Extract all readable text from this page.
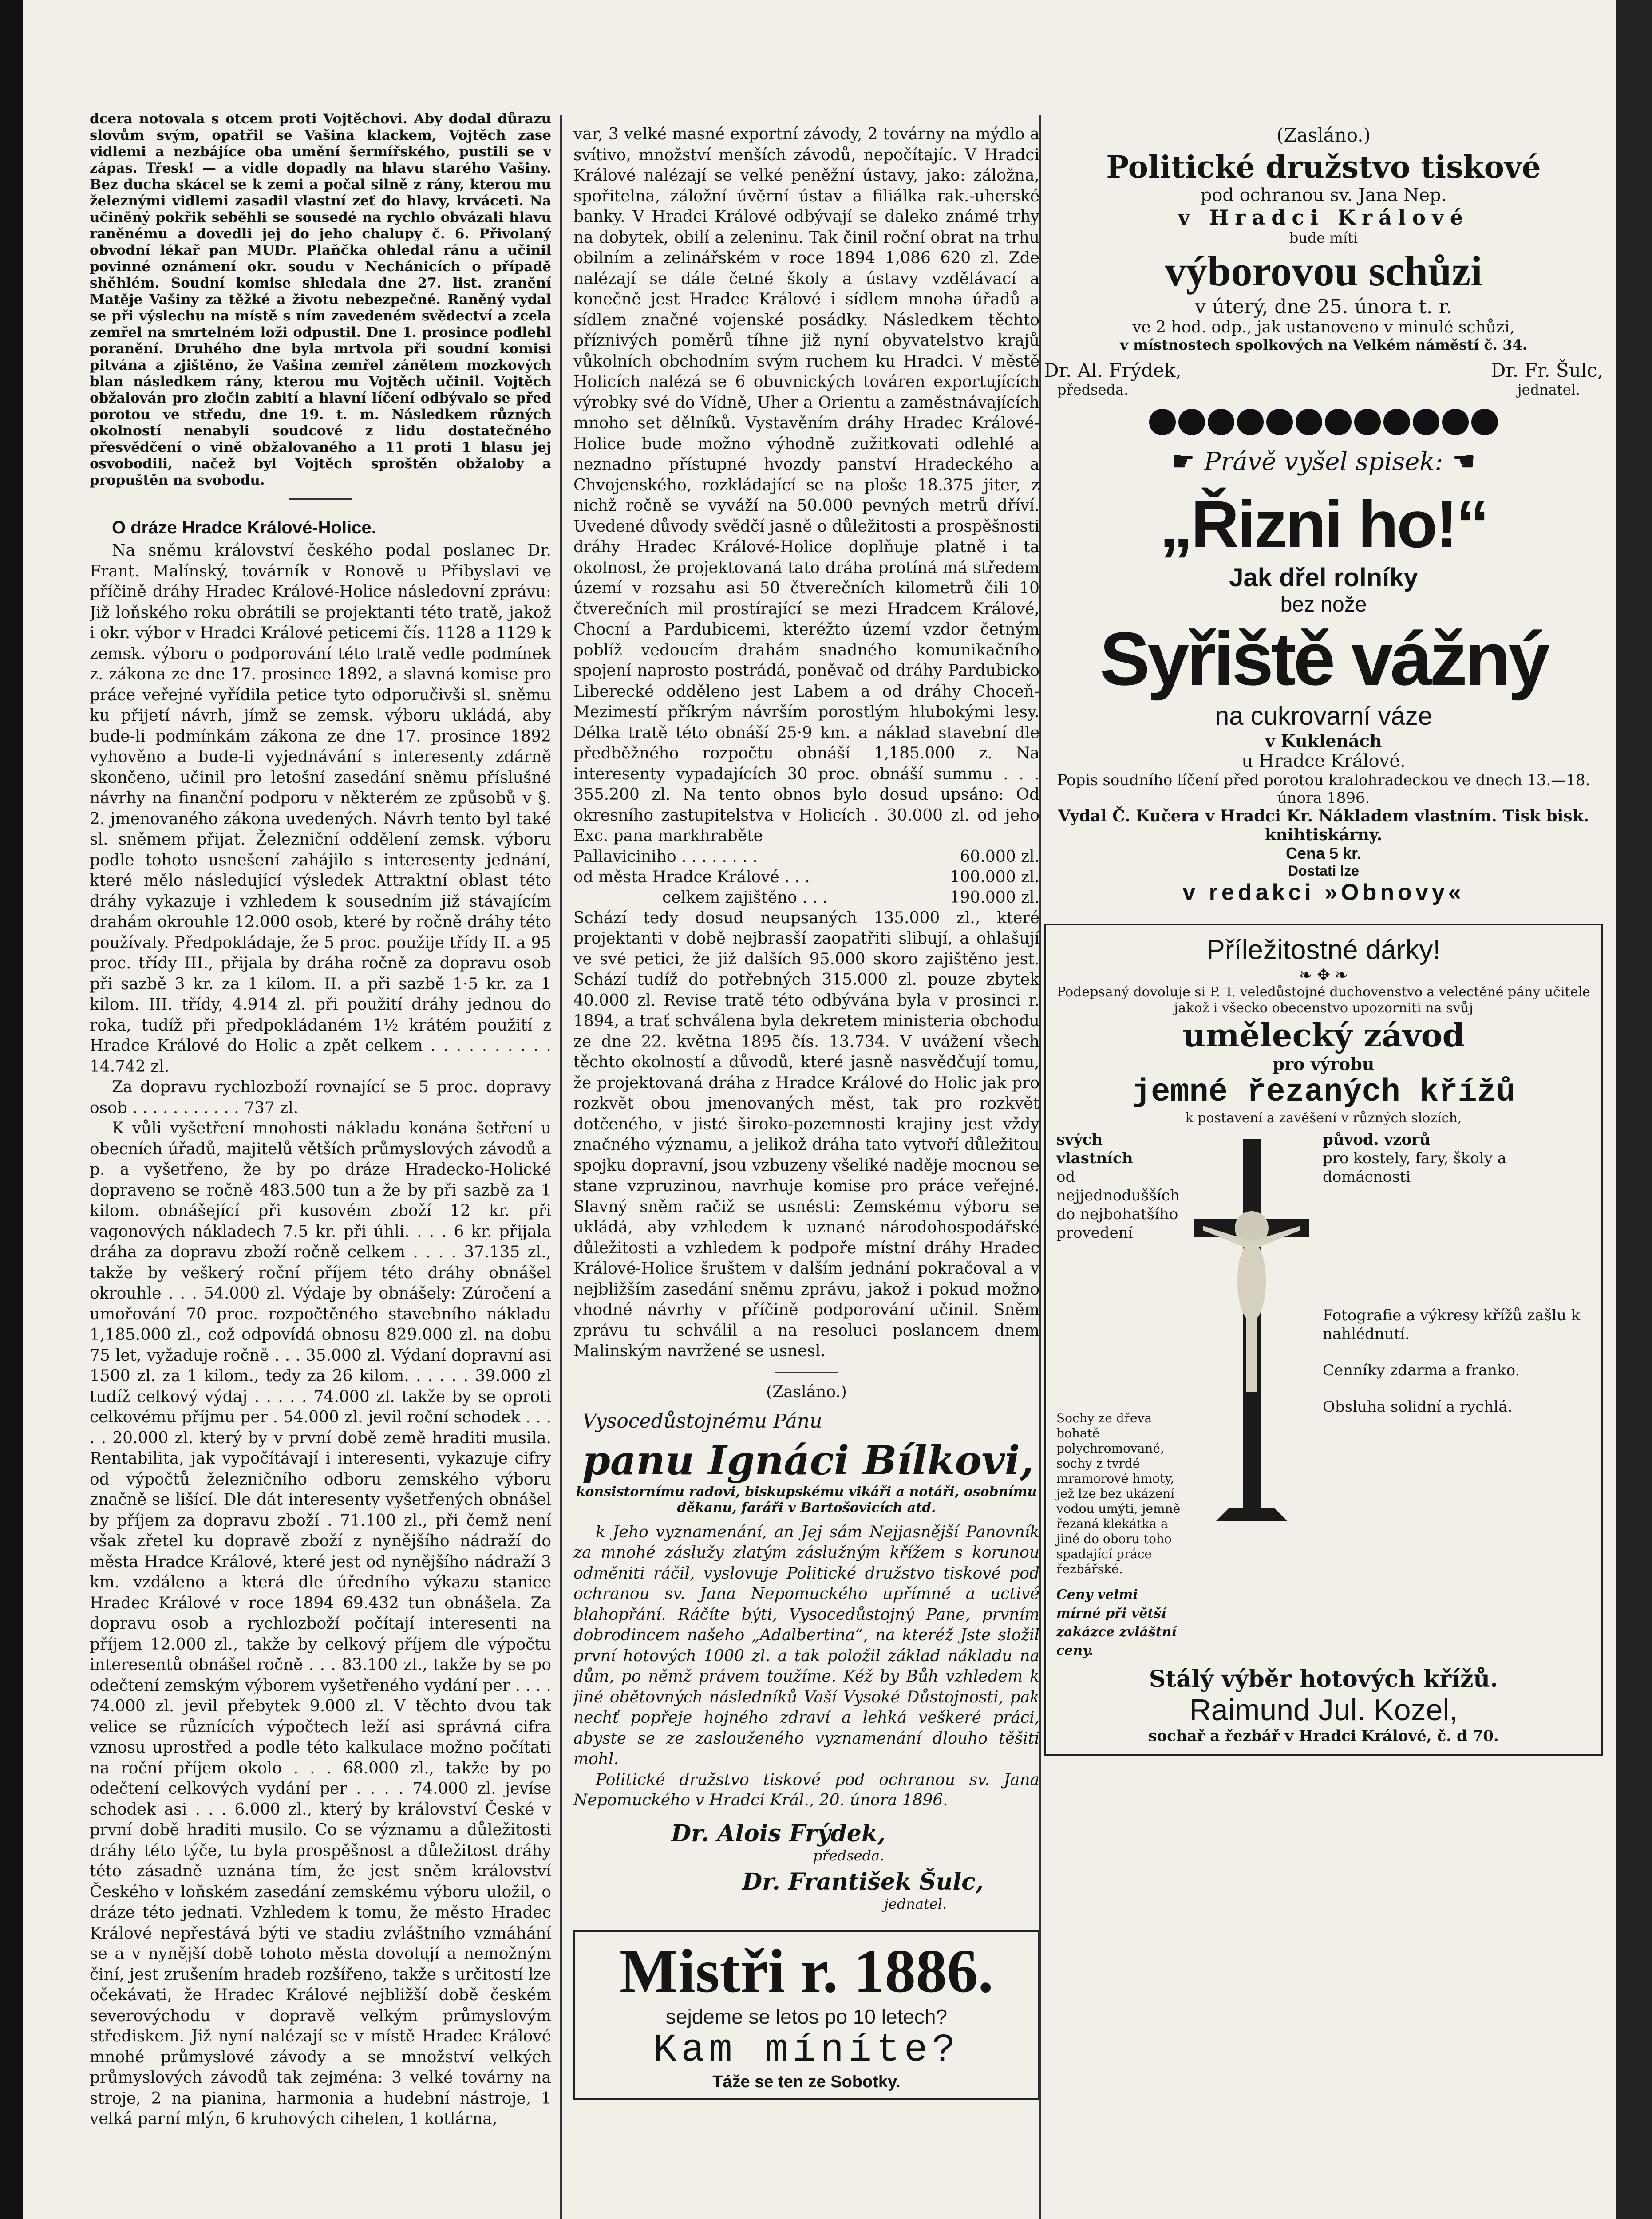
dcera notovala s otcem proti Vojtěchovi. Aby dodal důrazu slovům svým, opatřil se Vašina klackem, Vojtěch zase vidlemi a nezbájíce oba umění šermířského, pustili se v zápas. Třesk! — a vidle dopadly na hlavu starého Vašiny. Bez ducha skácel se k zemi a počal silně z rány, kterou mu železnými vidlemi zasadil vlastní zeť do hlavy, krváceti. Na učiněný pokřik seběhli se sousedé na rychlo obvázali hlavu raněnému a dovedli jej do jeho chalupy č. 6. Přivolaný obvodní lékař pan MUDr. Plaňčka ohledal ránu a učinil povinné oznámení okr. soudu v Nechánicích o případě shěhlém. Soudní komise shledala dne 27. list. zranění Matěje Vašiny za těžké a životu nebezpečné. Raněný vydal se při výslechu na místě s ním zavedeném svědectví a zcela zemřel na smrtelném loži odpustil. Dne 1. prosince podlehl poranění. Druhého dne byla mrtvola při soudní komisi pitvána a zjištěno, že Vašina zemřel zánětem mozkových blan následkem rány, kterou mu Vojtěch učinil. Vojtěch obžalován pro zločin zabití a hlavní líčení odbývalo se před porotou ve středu, dne 19. t. m. Následkem různých okolností nenabyli soudcové z lidu dostatečného přesvědčení o vině obžalovaného a 11 proti 1 hlasu jej osvobodili, načež byl Vojtěch sproštěn obžaloby a propuštěn na svobodu.

O dráze Hradce Králové-Holice.

Na sněmu království českého podal poslanec Dr. Frant. Malínský, továrník v Ronově u Přibyslavi ve příčině dráhy Hradec Králové-Holice následovní zprávu: Již loňského roku obrátili se projektanti této tratě, jakož i okr. výbor v Hradci Králové peticemi čís. 1128 a 1129 k zemsk. výboru o podporování této tratě vedle podmínek z. zákona ze dne 17. prosince 1892, a slavná komise pro práce veřejné vyřídila petice tyto odporučivši sl. sněmu ku přijetí návrh, jímž se zemsk. výboru ukládá, aby bude-li podmínkám zákona ze dne 17. prosince 1892 vyhověno a bude-li vyjednávání s interesenty zdárně skončeno, učinil pro letošní zasedání sněmu příslušné návrhy na finanční podporu v některém ze způsobů v §. 2. jmenovaného zákona uvedených. Návrh tento byl také sl. sněmem přijat. Železniční oddělení zemsk. výboru podle tohoto usnešení zahájilo s interesenty jednání, které mělo následující výsledek Attraktní oblast této dráhy vykazuje i vzhledem k sousedním již stávajícím drahám okrouhle 12.000 osob, které by ročně dráhy této používaly. Předpokládaje, že 5 proc. použije třídy II. a 95 proc. třídy III., přijala by dráha ročně za dopravu osob při sazbě 3 kr. za 1 kilom. II. a při sazbě 1·5 kr. za 1 kilom. III. třídy, 4.914 zl. při použití dráhy jednou do roka, tudíž při předpokládaném 1½ krátém použití z Hradce Králové do Holic a zpět celkem . . . . . . . . . . 14.742 zl.

Za dopravu rychlozboží rovnající se 5 proc. dopravy osob . . . . . . . . . . . 737 zl.

K vůli vyšetření mnohosti nákladu konána šetření u obecních úřadů, majitelů větších průmyslových závodů a p. a vyšetřeno, že by po dráze Hradecko-Holické dopraveno se ročně 483.500 tun a že by při sazbě za 1 kilom. obnášející při kusovém zboží 12 kr. při vagonových nákladech 7.5 kr. při úhli. . . . 6 kr. přijala dráha za dopravu zboží ročně celkem . . . . 37.135 zl., takže by veškerý roční příjem této dráhy obnášel okrouhle . . . 54.000 zl. Výdaje by obnášely: Zúročení a umořování 70 proc. rozpočtěného stavebního nákladu 1,185.000 zl., což odpovídá obnosu 829.000 zl. na dobu 75 let, vyžaduje ročně . . . 35.000 zl. Výdaní dopravní asi 1500 zl. za 1 kilom., tedy za 26 kilom. . . . . . 39.000 zl tudíž celkový výdaj . . . . . 74.000 zl. takže by se oproti celkovému příjmu per . 54.000 zl. jevil roční schodek . . . . . 20.000 zl. který by v první době země hraditi musila. Rentabilita, jak vypočítávají i interesenti, vykazuje cifry od výpočtů železničního odboru zemského výboru značně se lišící. Dle dát interesenty vyšetřených obnášel by příjem za dopravu zboží . 71.100 zl., při čemž není však zřetel ku dopravě zboží z nynějšího nádraží do města Hradce Králové, které jest od nynějšího nádraží 3 km. vzdáleno a která dle úředního výkazu stanice Hradec Králové v roce 1894 69.432 tun obnášela. Za dopravu osob a rychlozboží počítají interesenti na příjem 12.000 zl., takže by celkový příjem dle výpočtu interesentů obnášel ročně . . . 83.100 zl., takže by se po odečtení zemským výborem vyšetřeného vydání per . . . . 74.000 zl. jevil přebytek 9.000 zl. V těchto dvou tak velice se různících výpočtech leží asi správná cifra vznosu uprostřed a podle této kalkulace možno počítati na roční příjem okolo . . . 68.000 zl., takže by po odečtení celkových vydání per . . . . 74.000 zl. jevíse schodek asi . . . 6.000 zl., který by království České v první době hraditi musilo. Co se významu a důležitosti dráhy této týče, tu byla prospěšnost a důležitost dráhy této zásadně uznána tím, že jest sněm království Českého v loňském zasedání zemskému výboru uložil, o dráze této jednati. Vzhledem k tomu, že město Hradec Králové nepřestává býti ve stadiu zvláštního vzmáhání se a v nynější době tohoto města dovolují a nemožným činí, jest zrušením hradeb rozšířeno, takže s určitostí lze očekávati, že Hradec Králové nejbližší době českém severovýchodu v dopravě velkým průmyslovým střediskem. Již nyní nalézají se v místě Hradec Králové mnohé průmyslové závody a se množství velkých průmyslových závodů tak zejména: 3 velké továrny na stroje, 2 na pianina, harmonia a hudební nástroje, 1 velká parní mlýn, 6 kruhových cihelen, 1 kotlárna,

var, 3 velké masné exportní závody, 2 továrny na mýdlo a svítivo, množství menších závodů, nepočítajíc. V Hradci Králové nalézají se velké peněžní ústavy, jako: záložna, spořitelna, záložní úvěrní ústav a filiálka rak.-uherské banky. V Hradci Králové odbývají se daleko známé trhy na dobytek, obilí a zeleninu. Tak činil roční obrat na trhu obilním a zelinářském v roce 1894 1,086 620 zl. Zde nalézají se dále četné školy a ústavy vzdělávací a konečně jest Hradec Králové i sídlem mnoha úřadů a sídlem značné vojenské posádky. Následkem těchto příznivých poměrů tíhne již nyní obyvatelstvo krajů vůkolních obchodním svým ruchem ku Hradci. V městě Holicích nalézá se 6 obuvnických továren exportujících výrobky své do Vídně, Uher a Orientu a zaměstnávajících mnoho set dělníků. Vystavěním dráhy Hradec Králové-Holice bude možno výhodně zužitkovati odlehlé a neznadno přístupné hvozdy panství Hradeckého a Chvojenského, rozkládající se na ploše 18.375 jiter, z nichž ročně se vyváží na 50.000 pevných metrů dříví. Uvedené důvody svědčí jasně o důležitosti a prospěšnosti dráhy Hradec Králové-Holice doplňuje platně i ta okolnost, že projektovaná tato dráha protíná má středem území v rozsahu asi 50 čtverečních kilometrů čili 10 čtverečních mil prostírající se mezi Hradcem Králové, Chocní a Pardubicemi, kteréžto území vzdor četným poblíž vedoucím drahám snadného komunikačního spojení naprosto postrádá, poněvač od dráhy Pardubicko Liberecké odděleno jest Labem a od dráhy Choceň-Mezimestí příkrým návrším porostlým hlubokými lesy. Délka tratě této obnáší 25·9 km. a náklad stavební dle předběžného rozpočtu obnáší 1,185.000 z. Na interesenty vypadajících 30 proc. obnáší summu . . . 355.200 zl. Na tento obnos bylo dosud upsáno: Od okresního zastupitelstva v Holicích . 30.000 zl. od jeho Exc. pana markhraběte

Pallaviciniho . . . . . . . .	60.000 zl.
od města Hradce Králové . . .	100.000 zl.
celkem zajištěno . . .	190.000 zl.

Schází tedy dosud neupsaných 135.000 zl., které projektanti v době nejbrasší zaopatřiti slibují, a ohlašují ve své petici, že již dalších 95.000 skoro zajištěno jest. Schází tudíž do potřebných 315.000 zl. pouze zbytek 40.000 zl. Revise tratě této odbývána byla v prosinci r. 1894, a trať schválena byla dekretem ministeria obchodu ze dne 22. května 1895 čís. 13.734. V uvážení všech těchto okolností a důvodů, které jasně nasvědčují tomu, že projektovaná dráha z Hradce Králové do Holic jak pro rozkvět obou jmenovaných měst, tak pro rozkvět dotčeného, v jisté široko-pozemnosti krajiny jest vždy značného významu, a jelikož dráha tato vytvoří důležitou spojku dopravní, jsou vzbuzeny všeliké naděje mocnou se stane vzpruzinou, navrhuje komise pro práce veřejné. Slavný sněm račiž se usnésti: Zemskému výboru se ukládá, aby vzhledem k uznané národohospodářské důležitosti a vzhledem k podpoře místní dráhy Hradec Králové-Holice šruštem v dalším jednání pokračoval a v nejbližším zasedání sněmu zprávu, jakož i pokud možno vhodné návrhy v příčině podporování učinil. Sněm zprávu tu schválil a na resoluci poslancem dnem Malinským navržené se usnesl.

(Zasláno.)
Vysocedůstojnému Pánu
panu Ignáci Bílkovi,
konsistornímu radovi, biskupskému vikáři a notáři, osobnímu děkanu, faráři v Bartošovicích atd.

k Jeho vyznamenání, an Jej sám Nejjasnější Panovník za mnohé záslužy zlatým záslužným křížem s korunou odměniti ráčil, vyslovuje Politické družstvo tiskové pod ochranou sv. Jana Nepomuckého upřímné a uctivé blahopřání. Ráčíte býti, Vysocedůstojný Pane, prvním dobrodincem našeho „Adalbertina“, na kteréž Jste složil první hotových 1000 zl. a tak položil základ nákladu na dům, po němž právem toužíme. Kéž by Bůh vzhledem k jiné obětovných následníků Vaší Vysoké Důstojnosti, pak nechť popřeje hojného zdraví a lehká veškeré práci, abyste se ze zaslouženého vyznamenání dlouho těšiti mohl.

Politické družstvo tiskové pod ochranou sv. Jana Nepomuckého v Hradci Král., 20. února 1896.

Dr. Alois Frýdek,
předseda.
Dr. František Šulc,
jednatel.
Mistři r. 1886.
sejdeme se letos po 10 letech?
Kam míníte?
Táže se ten ze Sobotky.
(Zasláno.)
Politické družstvo tiskové
pod ochranou sv. Jana Nep.
v Hradci Králové
bude míti
výborovou schůzi
v úterý, dne 25. února t. r.
ve 2 hod. odp., jak ustanoveno v minulé schůzi,
v místnostech spolkových na Velkém náměstí č. 34.
Dr. Al. Frýdek,
předseda.
Dr. Fr. Šulc,
jednatel.
☛ Právě vyšel spisek: ☛
„Řizni ho!“
Jak dřel rolníky
bez nože
Syřiště vážný
na cukrovarní váze
v Kuklenách
u Hradce Králové.
Popis soudního líčení před porotou kralohradeckou ve dnech 13.—18. února 1896.
Vydal Č. Kučera v Hradci Kr. Nákladem vlastním. Tisk bisk. knihtiskárny.
Cena 5 kr.
Dostati lze
v redakci »Obnovy«
Příležitostné dárky!
❧ ✥ ❧
Podepsaný dovoluje si P. T. veledůstojné duchovenstvo a velectěné pány učitele jakož i všecko obecenstvo upozorniti na svůj
umělecký závod
pro výrobu
jemné řezaných křížů
k postavení a zavěšení v různých slozích,
svých vlastních
od nejjednodušších do nejbohatšího provedení
Sochy ze dřeva bohatě polychromované, sochy z tvrdé mramorové hmoty, jež lze bez ukázení vodou umýti, jemně řezaná klekátka a jiné do oboru toho spadající práce řezbářské.
Ceny velmi mírné při větší zakázce zvláštní ceny.
původ. vzorů
pro kostely, fary, školy a domácnosti
Fotografie a výkresy křížů zašlu k nahlédnutí.
Cenníky zdarma a franko.
Obsluha solidní a rychlá.
Stálý výběr hotových křížů.
Raimund Jul. Kozel,
sochař a řezbář v Hradci Králové, č. d 70.
